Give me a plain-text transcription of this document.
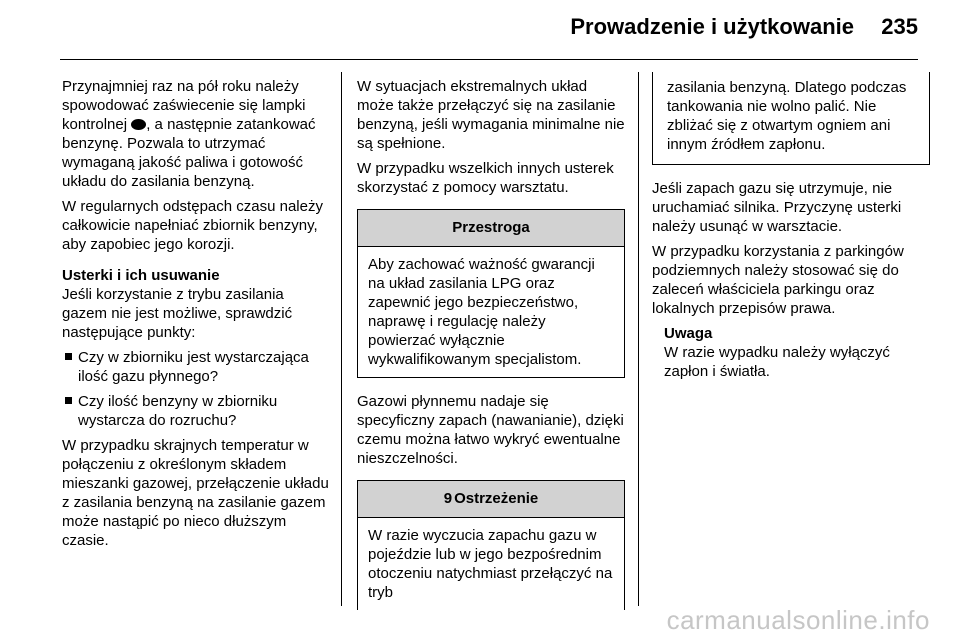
Prowadzenie i użytkowanie 235

Przynajmniej raz na pół roku należy spowodować zaświecenie się lampki kontrolnej , a następnie zatankować benzynę. Pozwala to utrzymać wymaganą jakość paliwa i gotowość układu do zasilania benzyną.

W regularnych odstępach czasu należy całkowicie napełniać zbiornik benzyny, aby zapobiec jego korozji.

Usterki i ich usuwanie

Jeśli korzystanie z trybu zasilania gazem nie jest możliwe, sprawdzić następujące punkty:

Czy w zbiorniku jest wystarczająca ilość gazu płynnego?
Czy ilość benzyny w zbiorniku wystarcza do rozruchu?

W przypadku skrajnych temperatur w połączeniu z określonym składem mieszanki gazowej, przełączenie układu z zasilania benzyną na zasilanie gazem może nastąpić po nieco dłuższym czasie.

W sytuacjach ekstremalnych układ może także przełączyć się na zasilanie benzyną, jeśli wymagania minimalne nie są spełnione.

W przypadku wszelkich innych usterek skorzystać z pomocy warsztatu.

Przestroga
Aby zachować ważność gwarancji na układ zasilania LPG oraz zapewnić jego bezpieczeństwo, naprawę i regulację należy powierzać wyłącznie wykwalifikowanym specjalistom.

Gazowi płynnemu nadaje się specyficzny zapach (nawanianie), dzięki czemu można łatwo wykryć ewentualne nieszczelności.

9 Ostrzeżenie
W razie wyczucia zapachu gazu w pojeździe lub w jego bezpośrednim otoczeniu natychmiast przełączyć na tryb
zasilania benzyną. Dlatego podczas tankowania nie wolno palić. Nie zbliżać się z otwartym ogniem ani innym źródłem zapłonu.

Jeśli zapach gazu się utrzymuje, nie uruchamiać silnika. Przyczynę usterki należy usunąć w warsztacie.

W przypadku korzystania z parkingów podziemnych należy stosować się do zaleceń właściciela parkingu oraz lokalnych przepisów prawa.

Uwaga

W razie wypadku należy wyłączyć zapłon i światła.

carmanualsonline.info
